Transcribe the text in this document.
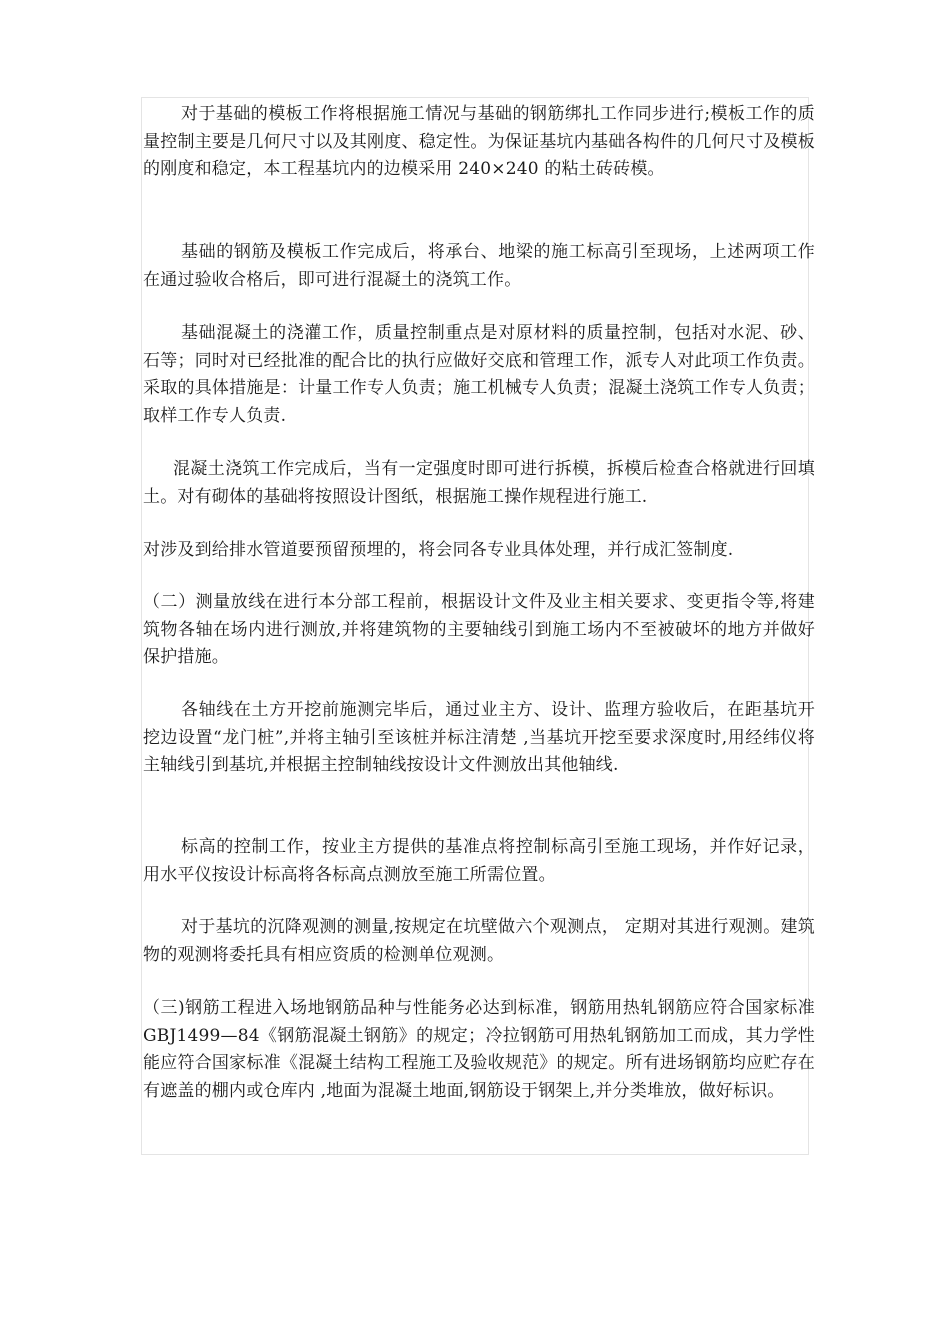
对于基础的模板工作将根据施工情况与基础的钢筋绑扎工作同步进行;模板工作的质量控制主要是几何尺寸以及其刚度、稳定性。为保证基坑内基础各构件的几何尺寸及模板的刚度和稳定，本工程基坑内的边模采用 240×240 的粘土砖砖模。

基础的钢筋及模板工作完成后，将承台、地梁的施工标高引至现场，上述两项工作在通过验收合格后，即可进行混凝土的浇筑工作。

基础混凝土的浇灌工作，质量控制重点是对原材料的质量控制，包括对水泥、砂、石等；同时对已经批准的配合比的执行应做好交底和管理工作，派专人对此项工作负责。采取的具体措施是：计量工作专人负责；施工机械专人负责；混凝土浇筑工作专人负责；取样工作专人负责.

混凝土浇筑工作完成后，当有一定强度时即可进行拆模，拆模后检查合格就进行回填土。对有砌体的基础将按照设计图纸，根据施工操作规程进行施工.

对涉及到给排水管道要预留预埋的，将会同各专业具体处理，并行成汇签制度.

（二）测量放线在进行本分部工程前，根据设计文件及业主相关要求、变更指令等,将建筑物各轴在场内进行测放,并将建筑物的主要轴线引到施工场内不至被破坏的地方并做好保护措施。

各轴线在土方开挖前施测完毕后，通过业主方、设计、监理方验收后，在距基坑开挖边设置“龙门桩”,并将主轴引至该桩并标注清楚 ,当基坑开挖至要求深度时,用经纬仪将主轴线引到基坑,并根据主控制轴线按设计文件测放出其他轴线.

标高的控制工作，按业主方提供的基准点将控制标高引至施工现场，并作好记录，用水平仪按设计标高将各标高点测放至施工所需位置。

对于基坑的沉降观测的测量,按规定在坑壁做六个观测点， 定期对其进行观测。建筑物的观测将委托具有相应资质的检测单位观测。

（三)钢筋工程进入场地钢筋品种与性能务必达到标准，钢筋用热轧钢筋应符合国家标准 GBJ1499—84《钢筋混凝土钢筋》的规定；冷拉钢筋可用热轧钢筋加工而成，其力学性能应符合国家标准《混凝土结构工程施工及验收规范》的规定。所有进场钢筋均应贮存在有遮盖的棚内或仓库内 ,地面为混凝土地面,钢筋设于钢架上,并分类堆放，做好标识。
